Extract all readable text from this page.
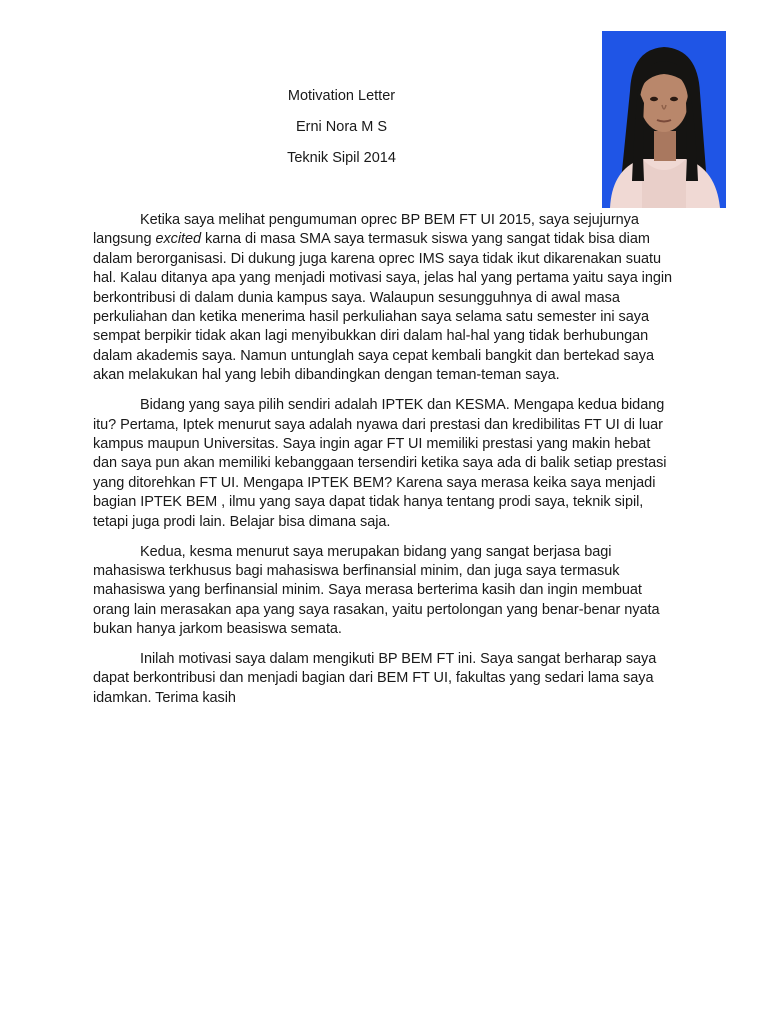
Motivation Letter
Erni Nora M S
Teknik Sipil 2014

Ketika saya melihat pengumuman oprec BP BEM FT UI 2015, saya sejujurnya langsung excited karna di masa SMA saya termasuk siswa yang sangat tidak bisa diam dalam berorganisasi. Di dukung juga karena oprec IMS saya tidak ikut dikarenakan suatu hal. Kalau ditanya apa yang menjadi motivasi saya, jelas hal yang pertama yaitu saya ingin berkontribusi di dalam dunia kampus saya. Walaupun sesungguhnya di awal masa perkuliahan dan ketika menerima hasil perkuliahan saya selama satu semester ini saya sempat berpikir tidak akan lagi menyibukkan diri dalam hal-hal yang tidak berhubungan dalam akademis saya. Namun untunglah saya cepat kembali bangkit dan bertekad saya akan melakukan hal yang lebih dibandingkan dengan teman-teman saya.

Bidang yang saya pilih sendiri adalah IPTEK dan KESMA. Mengapa kedua bidang itu? Pertama, Iptek menurut saya adalah nyawa dari prestasi dan kredibilitas FT UI di luar kampus maupun Universitas. Saya ingin agar FT UI memiliki prestasi yang makin hebat dan saya pun akan memiliki kebanggaan tersendiri ketika saya ada di balik setiap prestasi yang ditorehkan FT UI. Mengapa IPTEK BEM? Karena saya merasa keika saya menjadi bagian IPTEK BEM , ilmu yang saya dapat tidak hanya tentang prodi saya, teknik sipil, tetapi juga prodi lain. Belajar bisa dimana saja.

Kedua, kesma menurut saya merupakan bidang yang sangat berjasa bagi mahasiswa terkhusus bagi mahasiswa berfinansial minim, dan juga saya termasuk mahasiswa yang berfinansial minim. Saya merasa berterima kasih dan ingin membuat orang lain merasakan apa yang saya rasakan, yaitu pertolongan yang benar-benar nyata bukan hanya jarkom beasiswa semata.

Inilah motivasi saya dalam mengikuti BP BEM FT ini. Saya sangat berharap saya dapat berkontribusi dan menjadi bagian dari BEM FT UI, fakultas yang sedari lama saya idamkan. Terima kasih
